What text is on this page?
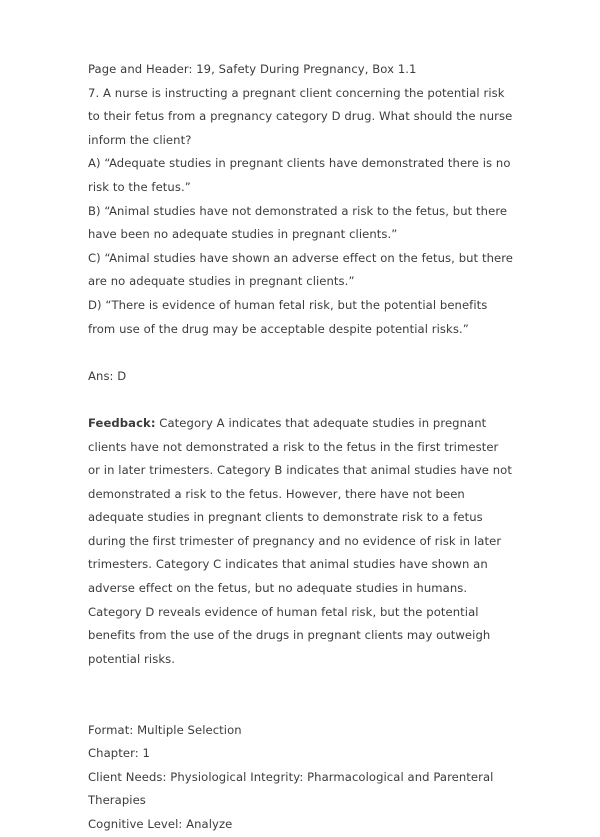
Page and Header: 19, Safety During Pregnancy, Box 1.1
7. A nurse is instructing a pregnant client concerning the potential risk to their fetus from a pregnancy category D drug. What should the nurse inform the client?
A) “Adequate studies in pregnant clients have demonstrated there is no risk to the fetus.”
B) “Animal studies have not demonstrated a risk to the fetus, but there have been no adequate studies in pregnant clients.”
C) “Animal studies have shown an adverse effect on the fetus, but there are no adequate studies in pregnant clients.”
D) “There is evidence of human fetal risk, but the potential benefits from use of the drug may be acceptable despite potential risks.”
Ans: D
Feedback: Category A indicates that adequate studies in pregnant clients have not demonstrated a risk to the fetus in the first trimester or in later trimesters. Category B indicates that animal studies have not demonstrated a risk to the fetus. However, there have not been adequate studies in pregnant clients to demonstrate risk to a fetus during the first trimester of pregnancy and no evidence of risk in later trimesters. Category C indicates that animal studies have shown an adverse effect on the fetus, but no adequate studies in humans. Category D reveals evidence of human fetal risk, but the potential benefits from the use of the drugs in pregnant clients may outweigh potential risks.
Format: Multiple Selection
Chapter: 1
Client Needs: Physiological Integrity: Pharmacological and Parenteral Therapies
Cognitive Level: Analyze
